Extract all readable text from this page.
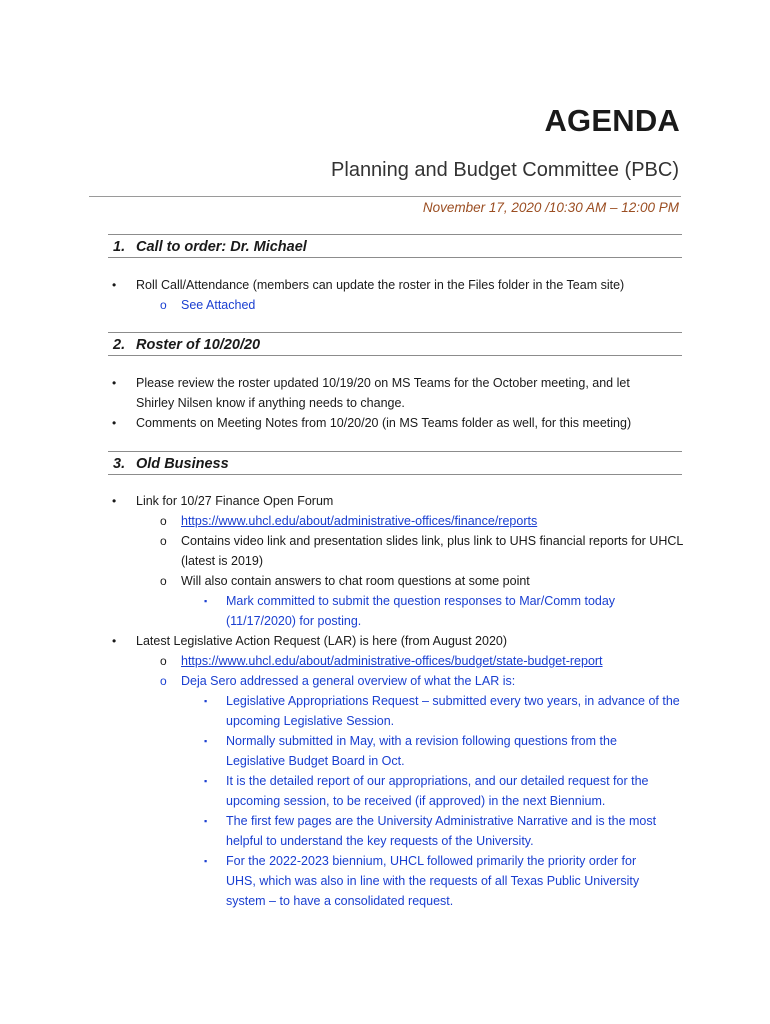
AGENDA
Planning and Budget Committee (PBC)
November 17, 2020 /10:30 AM – 12:00 PM
1. Call to order: Dr. Michael
• Roll Call/Attendance (members can update the roster in the Files folder in the Team site)
o See Attached
2. Roster of 10/20/20
• Please review the roster updated 10/19/20 on MS Teams for the October meeting, and let Shirley Nilsen know if anything needs to change.
• Comments on Meeting Notes from 10/20/20 (in MS Teams folder as well, for this meeting)
3. Old Business
• Link for 10/27 Finance Open Forum
o https://www.uhcl.edu/about/administrative-offices/finance/reports
o Contains video link and presentation slides link, plus link to UHS financial reports for UHCL (latest is 2019)
o Will also contain answers to chat room questions at some point
▪ Mark committed to submit the question responses to Mar/Comm today (11/17/2020) for posting.
• Latest Legislative Action Request (LAR) is here (from August 2020)
o https://www.uhcl.edu/about/administrative-offices/budget/state-budget-report
o Deja Sero addressed a general overview of what the LAR is:
▪ Legislative Appropriations Request – submitted every two years, in advance of the upcoming Legislative Session.
▪ Normally submitted in May, with a revision following questions from the Legislative Budget Board in Oct.
▪ It is the detailed report of our appropriations, and our detailed request for the upcoming session, to be received (if approved) in the next Biennium.
▪ The first few pages are the University Administrative Narrative and is the most helpful to understand the key requests of the University.
▪ For the 2022-2023 biennium, UHCL followed primarily the priority order for UHS, which was also in line with the requests of all Texas Public University system – to have a consolidated request.
